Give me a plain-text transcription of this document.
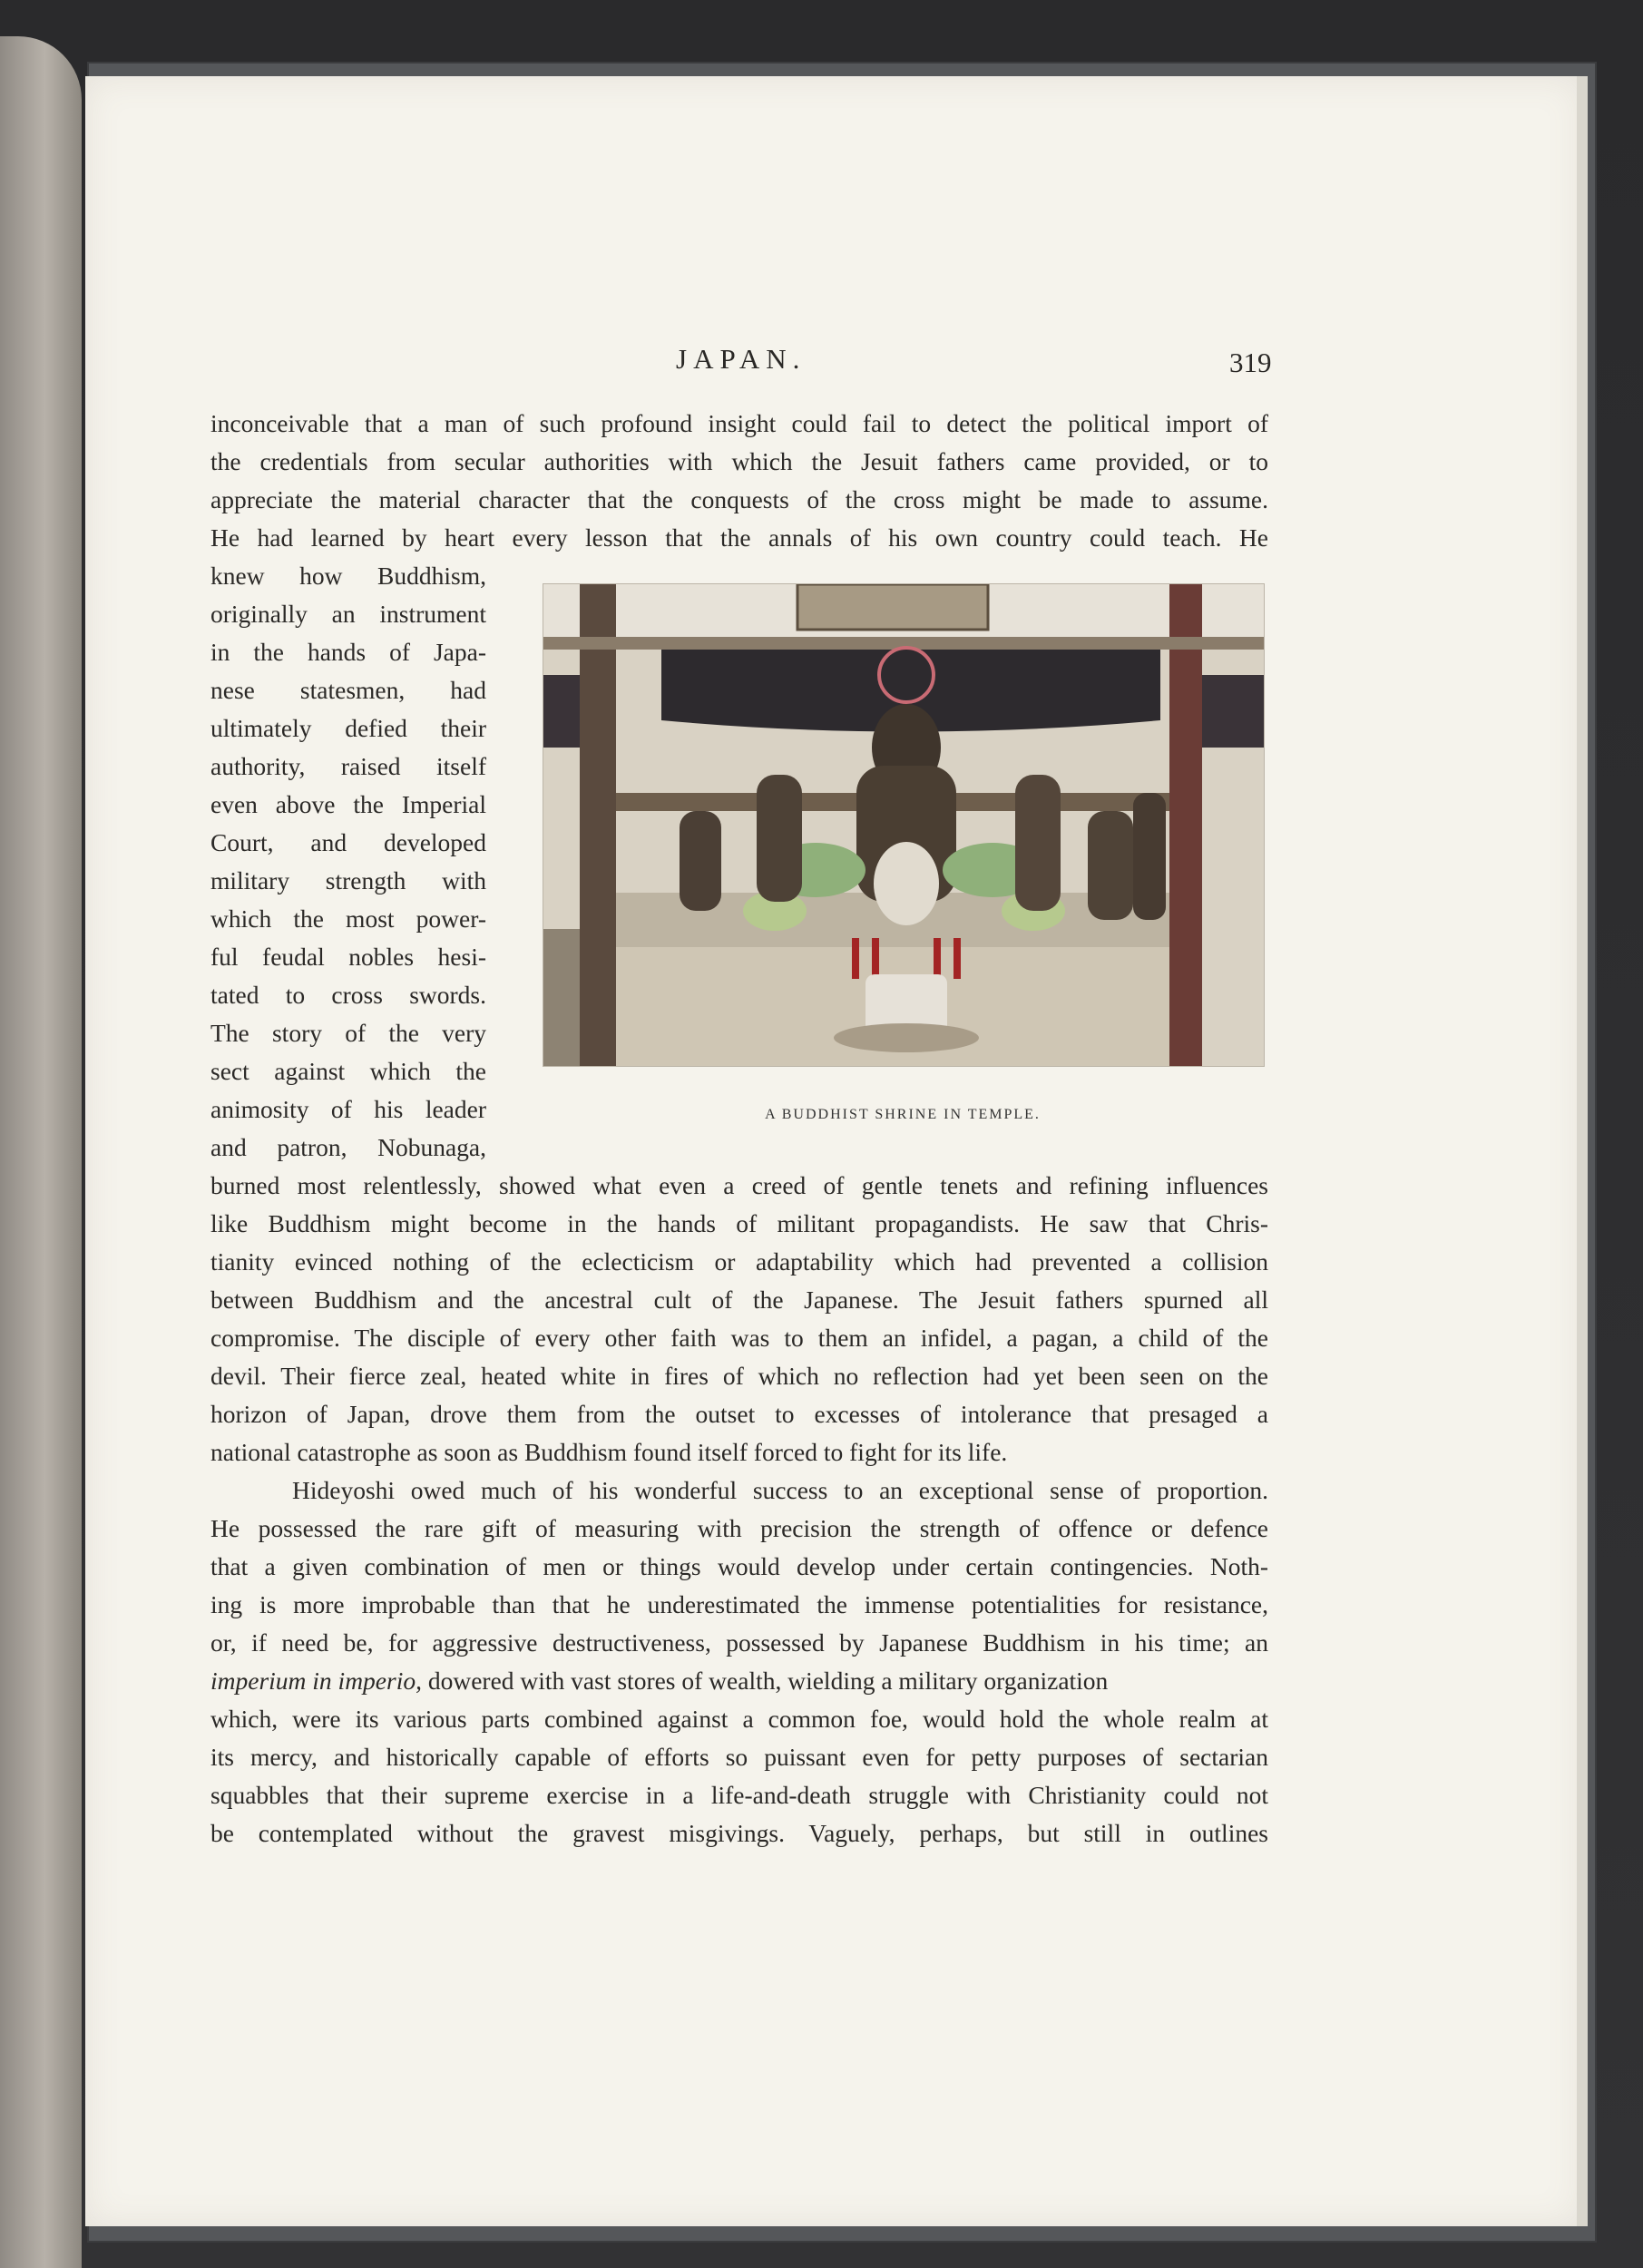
JAPAN.	319
inconceivable that a man of such profound insight could fail to detect the political import of
the credentials from secular authorities with which the Jesuit fathers came provided, or to
appreciate the material character that the conquests of the cross might be made to assume.
He had learned by heart every lesson that the annals of his own country could teach. He
knew how Buddhism,
originally an instrument
in the hands of Japa-
nese statesmen, had
ultimately defied their
authority, raised itself
even above the Imperial
Court, and developed
military strength with
which the most power-
ful feudal nobles hesi-
tated to cross swords.
The story of the very
sect against which the
animosity of his leader
and patron, Nobunaga,
burned most relentlessly, showed what even a creed of gentle tenets and refining influences
like Buddhism might become in the hands of militant propagandists. He saw that Chris-
tianity evinced nothing of the eclecticism or adaptability which had prevented a collision
between Buddhism and the ancestral cult of the Japanese. The Jesuit fathers spurned all
compromise. The disciple of every other faith was to them an infidel, a pagan, a child of the
devil. Their fierce zeal, heated white in fires of which no reflection had yet been seen on the
horizon of Japan, drove them from the outset to excesses of intolerance that presaged a
national catastrophe as soon as Buddhism found itself forced to fight for its life.
Hideyoshi owed much of his wonderful success to an exceptional sense of proportion.
He possessed the rare gift of measuring with precision the strength of offence or defence
that a given combination of men or things would develop under certain contingencies. Noth-
ing is more improbable than that he underestimated the immense potentialities for resistance,
or, if need be, for aggressive destructiveness, possessed by Japanese Buddhism in his time; an
imperium in imperio, dowered with vast stores of wealth, wielding a military organization
which, were its various parts combined against a common foe, would hold the whole realm at
its mercy, and historically capable of efforts so puissant even for petty purposes of sectarian
squabbles that their supreme exercise in a life-and-death struggle with Christianity could not
be contemplated without the gravest misgivings. Vaguely, perhaps, but still in outlines
A BUDDHIST SHRINE IN TEMPLE.
